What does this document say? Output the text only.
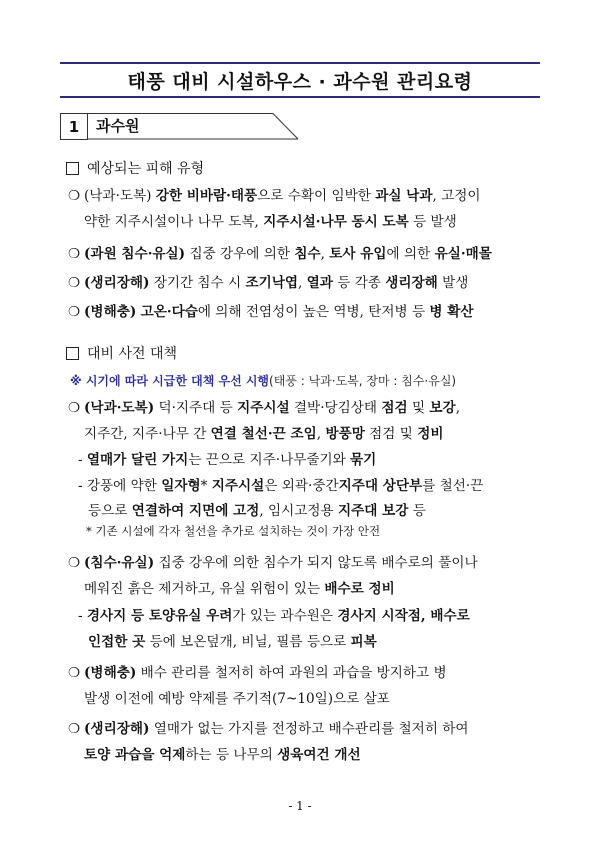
태풍 대비 시설하우스 · 과수원 관리요령
1	과수원
예상되는 피해 유형
대비 사전 대책
※ 시기에 따라 시급한 대책 우선 시행(태풍 : 낙과·도복, 장마 : 침수·유실)
* 기존 시설에 각자 철선을 추가로 설치하는 것이 가장 안전
- 1 -
❍ (낙과·도복) 강한 비바람·태풍으로 수확이 임박한 과실 낙과, 고정이
약한 지주시설이나 나무 도복, 지주시설·나무 동시 도복 등 발생
❍ (과원 침수·유실) 집중 강우에 의한 침수, 토사 유입에 의한 유실·매몰
❍ (생리장해) 장기간 침수 시 조기낙엽, 열과 등 각종 생리장해 발생
❍ (병해충) 고온·다습에 의해 전염성이 높은 역병, 탄저병 등 병 확산
❍ (낙과·도복) 덕·지주대 등 지주시설 결박·당김상태 점검 및 보강,
지주간, 지주·나무 간 연결 철선·끈 조임, 방풍망 점검 및 정비
- 열매가 달린 가지는 끈으로 지주·나무줄기와 묶기
- 강풍에 약한 일자형* 지주시설은 외곽·중간지주대 상단부를 철선·끈
등으로 연결하여 지면에 고정, 임시고정용 지주대 보강 등
❍ (침수·유실) 집중 강우에 의한 침수가 되지 않도록 배수로의 풀이나
메워진 흙은 제거하고, 유실 위험이 있는 배수로 정비
- 경사지 등 토양유실 우려가 있는 과수원은 경사지 시작점, 배수로
인접한 곳 등에 보온덮개, 비닐, 필름 등으로 피복
❍ (병해충) 배수 관리를 철저히 하여 과원의 과습을 방지하고 병
발생 이전에 예방 약제를 주기적(7~10일)으로 살포
❍ (생리장해) 열매가 없는 가지를 전정하고 배수관리를 철저히 하여
토양 과습을 억제하는 등 나무의 생육여건 개선
